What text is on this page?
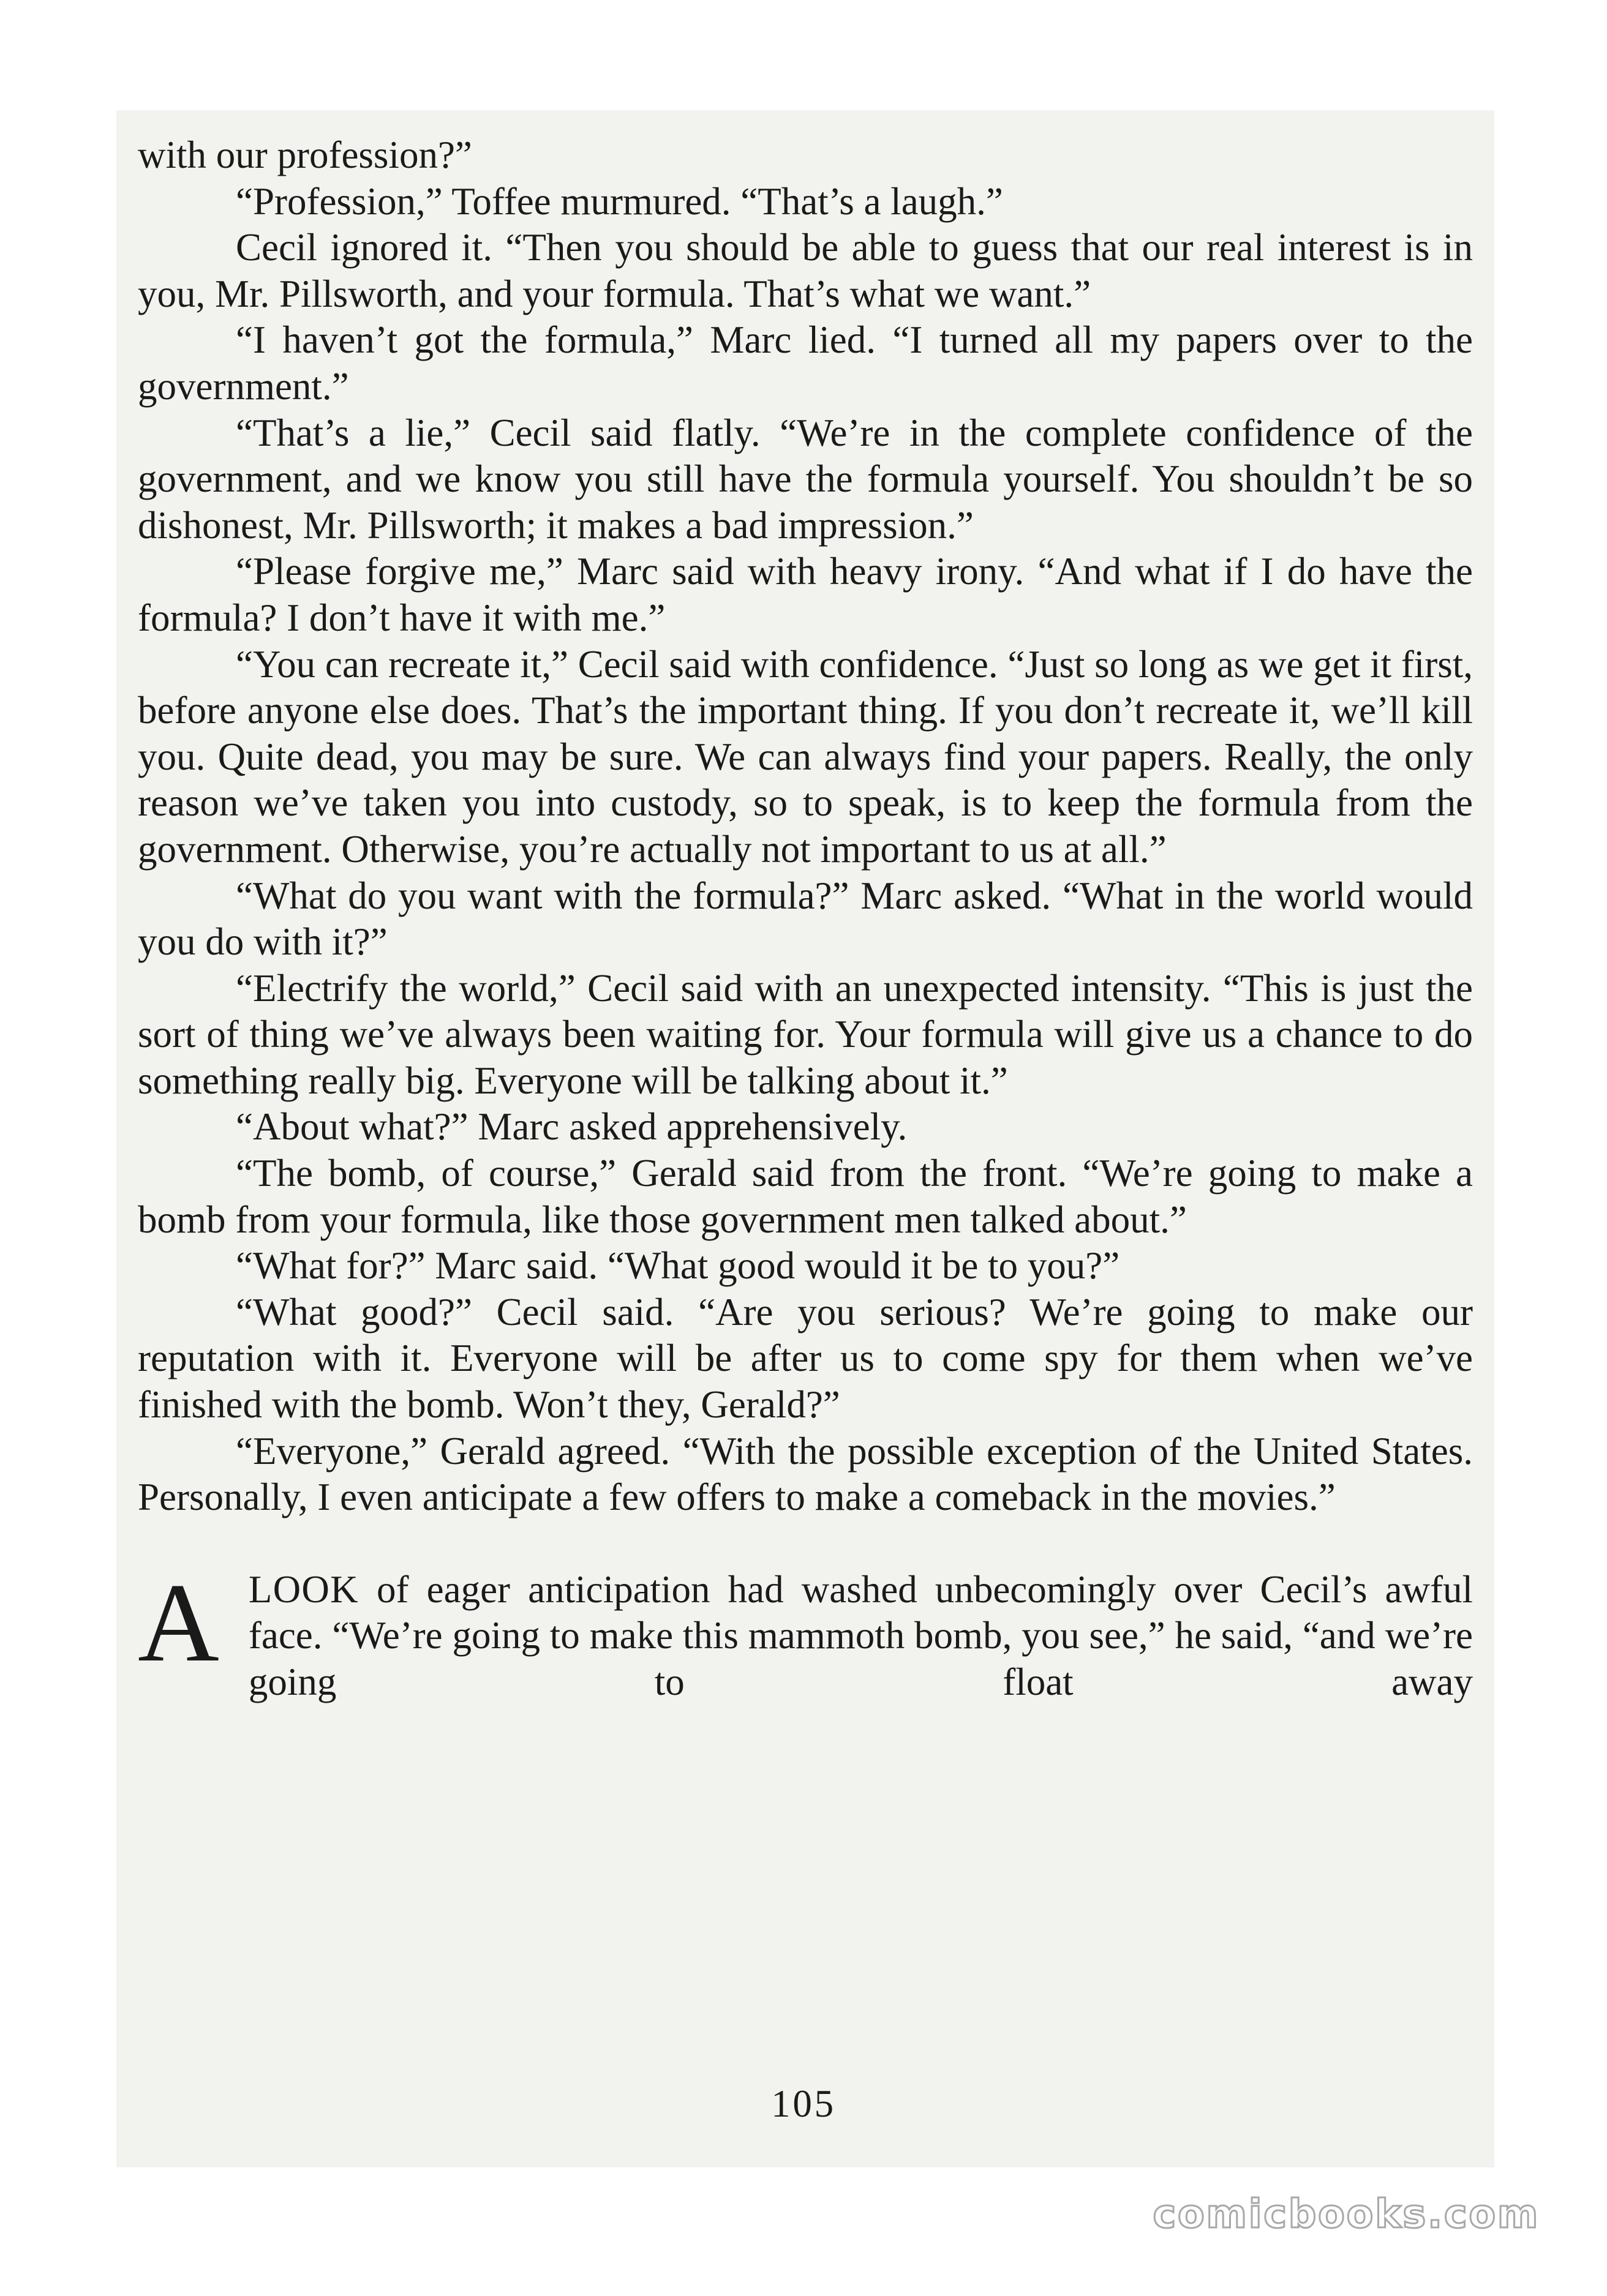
with our profession?”

“Profession,” Toffee murmured. “That’s a laugh.”

Cecil ignored it. “Then you should be able to guess that our real interest is in you, Mr. Pillsworth, and your formula. That’s what we want.”

“I haven’t got the formula,” Marc lied. “I turned all my papers over to the government.”

“That’s a lie,” Cecil said flatly. “We’re in the complete confidence of the government, and we know you still have the formula yourself. You shouldn’t be so dishonest, Mr. Pillsworth; it makes a bad impression.”

“Please forgive me,” Marc said with heavy irony. “And what if I do have the formula? I don’t have it with me.”

“You can recreate it,” Cecil said with confidence. “Just so long as we get it first, before anyone else does. That’s the important thing. If you don’t recreate it, we’ll kill you. Quite dead, you may be sure. We can always find your papers. Really, the only reason we’ve taken you into custody, so to speak, is to keep the formula from the government. Otherwise, you’re actually not important to us at all.”

“What do you want with the formula?” Marc asked. “What in the world would you do with it?”

“Electrify the world,” Cecil said with an unexpected intensity. “This is just the sort of thing we’ve always been waiting for. Your formula will give us a chance to do something really big. Everyone will be talking about it.”

“About what?” Marc asked apprehensively.

“The bomb, of course,” Gerald said from the front. “We’re going to make a bomb from your formula, like those government men talked about.”

“What for?” Marc said. “What good would it be to you?”

“What good?” Cecil said. “Are you serious? We’re going to make our reputation with it. Everyone will be after us to come spy for them when we’ve finished with the bomb. Won’t they, Gerald?”

“Everyone,” Gerald agreed. “With the possible exception of the United States. Personally, I even anticipate a few offers to make a comeback in the movies.”

ALOOK of eager anticipation had washed unbecomingly over Cecil’s awful face. “We’re going to make this mammoth bomb, you see,” he said, “and we’re going to float away
105
comicbooks.com
